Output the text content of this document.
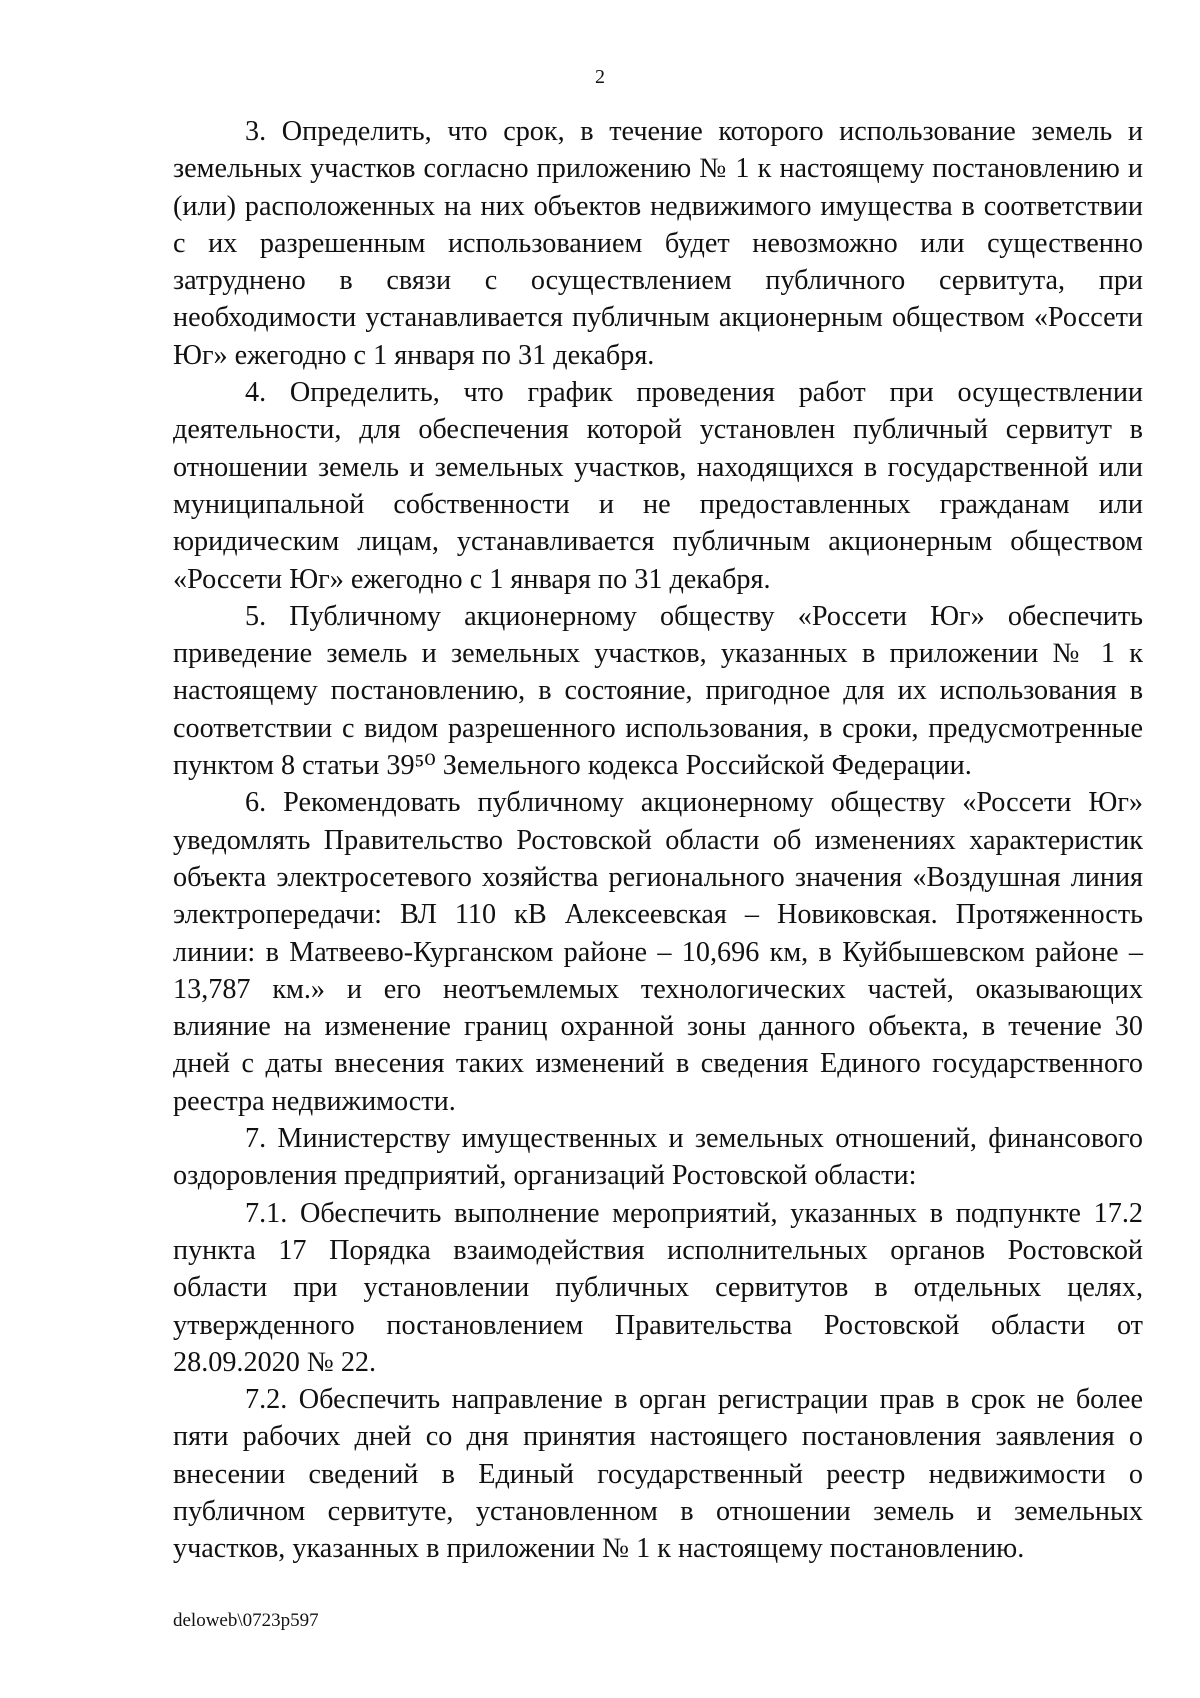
2

3. Определить, что срок, в течение которого использование земель и земельных участков согласно приложению № 1 к настоящему постановлению и (или) расположенных на них объектов недвижимого имущества в соответствии с их разрешенным использованием будет невозможно или существенно затруднено в связи с осуществлением публичного сервитута, при необходимости устанавливается публичным акционерным обществом «Россети Юг» ежегодно с 1 января по 31 декабря.

4. Определить, что график проведения работ при осуществлении деятельности, для обеспечения которой установлен публичный сервитут в отношении земель и земельных участков, находящихся в государственной или муниципальной собственности и не предоставленных гражданам или юридическим лицам, устанавливается публичным акционерным обществом «Россети Юг» ежегодно с 1 января по 31 декабря.

5. Публичному акционерному обществу «Россети Юг» обеспечить приведение земель и земельных участков, указанных в приложении № 1 к настоящему постановлению, в состояние, пригодное для их использования в соответствии с видом разрешенного использования, в сроки, предусмотренные пунктом 8 статьи 39⁵⁰ Земельного кодекса Российской Федерации.

6. Рекомендовать публичному акционерному обществу «Россети Юг» уведомлять Правительство Ростовской области об изменениях характеристик объекта электросетевого хозяйства регионального значения «Воздушная линия электропередачи: ВЛ 110 кВ Алексеевская – Новиковская. Протяженность линии: в Матвеево-Курганском районе – 10,696 км, в Куйбышевском районе – 13,787 км.» и его неотъемлемых технологических частей, оказывающих влияние на изменение границ охранной зоны данного объекта, в течение 30 дней с даты внесения таких изменений в сведения Единого государственного реестра недвижимости.

7. Министерству имущественных и земельных отношений, финансового оздоровления предприятий, организаций Ростовской области:

7.1. Обеспечить выполнение мероприятий, указанных в подпункте 17.2 пункта 17 Порядка взаимодействия исполнительных органов Ростовской области при установлении публичных сервитутов в отдельных целях, утвержденного постановлением Правительства Ростовской области от 28.09.2020 № 22.

7.2. Обеспечить направление в орган регистрации прав в срок не более пяти рабочих дней со дня принятия настоящего постановления заявления о внесении сведений в Единый государственный реестр недвижимости о публичном сервитуте, установленном в отношении земель и земельных участков, указанных в приложении № 1 к настоящему постановлению.

deloweb\0723p597
